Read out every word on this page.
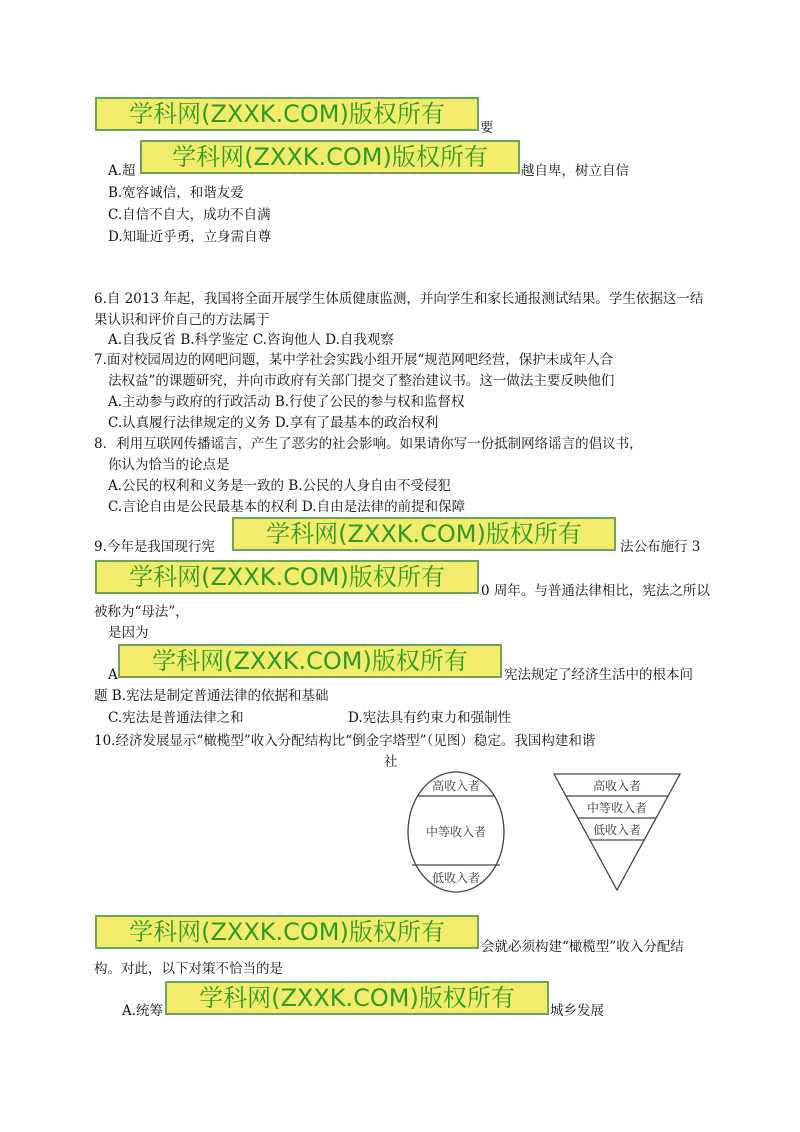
学科网(ZXXK.COM)版权所有	要
A.超	学科网(ZXXK.COM)版权所有	越自卑，树立自信
B.宽容诚信，和谐友爱
C.自信不自大，成功不自满
D.知耻近乎勇，立身需自尊
6.自 2013 年起，我国将全面开展学生体质健康监测，并向学生和家长通报测试结果。学生依据这一结
果认识和评价自己的方法属于
A.自我反省 B.科学鉴定 C.咨询他人 D.自我观察
7.面对校园周边的网吧问题，某中学社会实践小组开展“规范网吧经营，保护未成年人合
法权益”的课题研究，并向市政府有关部门提交了整治建议书。这一做法主要反映他们
A.主动参与政府的行政活动 B.行使了公民的参与权和监督权
C.认真履行法律规定的义务 D.享有了最基本的政治权利
8．利用互联网传播谣言，产生了恶劣的社会影响。如果请你写一份抵制网络谣言的倡议书，
你认为恰当的论点是
A.公民的权利和义务是一致的 B.公民的人身自由不受侵犯
C.言论自由是公民最基本的权利 D.自由是法律的前提和保障
9.今年是我国现行宪	学科网(ZXXK.COM)版权所有	法公布施行 3
学科网(ZXXK.COM)版权所有	0 周年。与普通法律相比，宪法之所以
被称为“母法”，
是因为
A	学科网(ZXXK.COM)版权所有	宪法规定了经济生活中的根本问
题 B.宪法是制定普通法律的依据和基础
C.宪法是普通法律之和	D.宪法具有约束力和强制性
10.经济发展显示“橄榄型”收入分配结构比“倒金字塔型”（见图）稳定。我国构建和谐
社
高收入者
中等收入者
低收入者
高收入者
中等收入者
低收入者
学科网(ZXXK.COM)版权所有
会就必须构建“橄榄型”收入分配结
构。对此，以下对策不恰当的是
A.统筹	学科网(ZXXK.COM)版权所有	城乡发展
